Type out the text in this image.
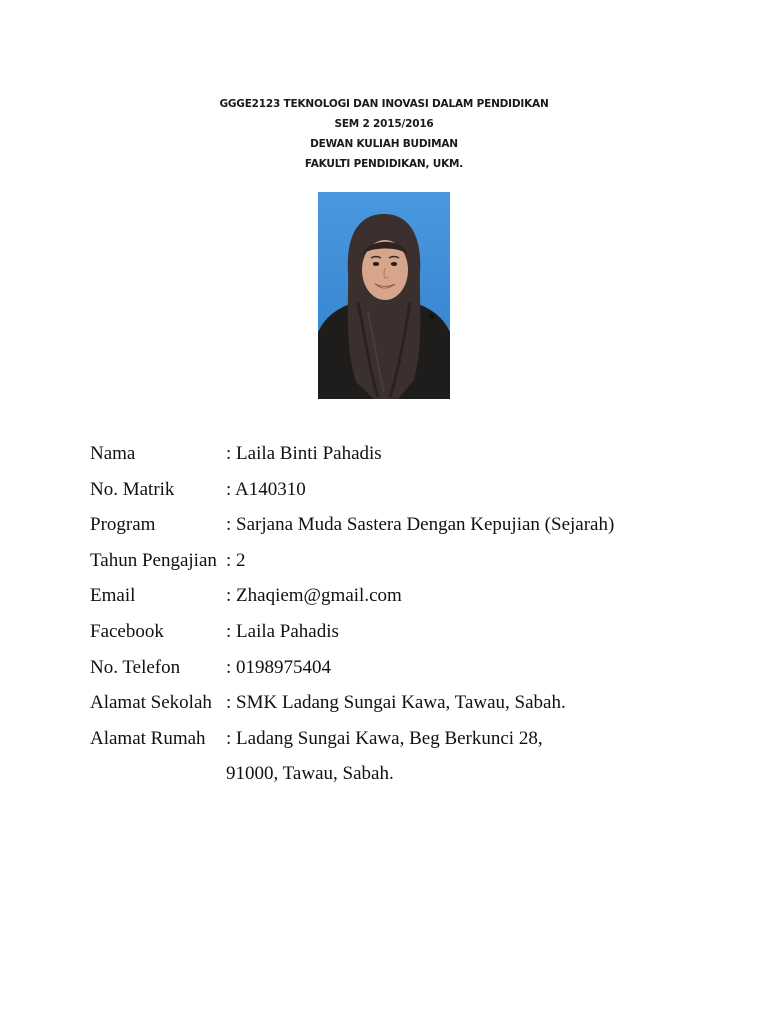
GGGE2123 TEKNOLOGI DAN INOVASI DALAM PENDIDIKAN
SEM 2 2015/2016
DEWAN KULIAH BUDIMAN
FAKULTI PENDIDIKAN, UKM.
Nama	: Laila Binti Pahadis
No. Matrik	: A140310
Program	: Sarjana Muda Sastera Dengan Kepujian (Sejarah)
Tahun Pengajian : 2
Email	: Zhaqiem@gmail.com
Facebook	: Laila Pahadis
No. Telefon : 0198975404
Alamat Sekolah : SMK Ladang Sungai Kawa, Tawau, Sabah.
Alamat Rumah : Ladang Sungai Kawa, Beg Berkunci 28,
91000, Tawau, Sabah.
